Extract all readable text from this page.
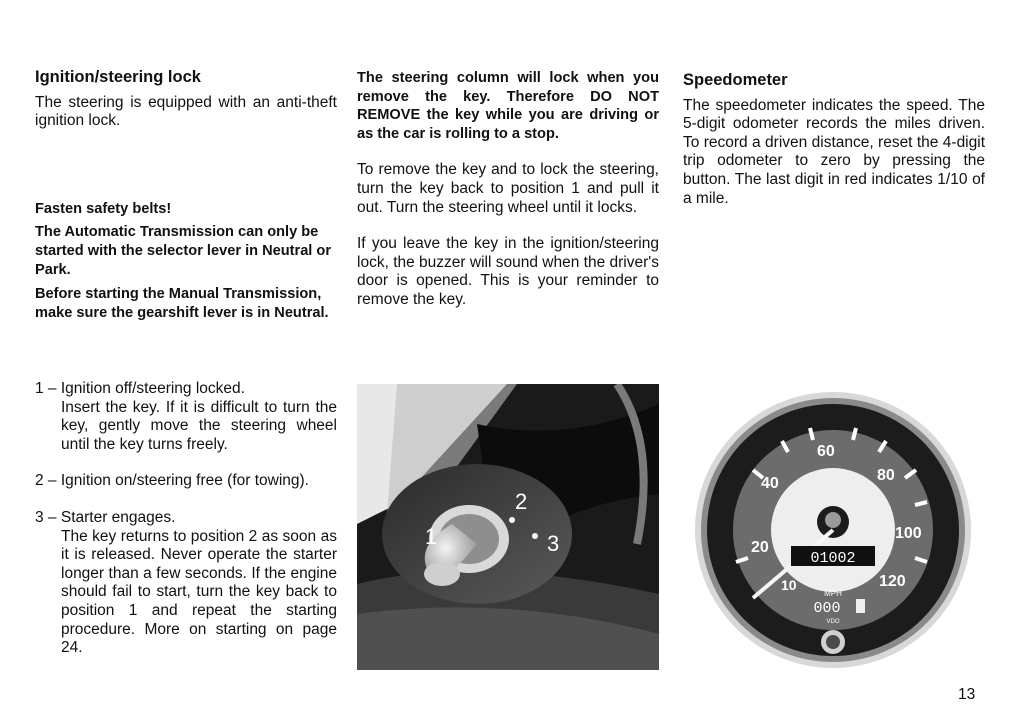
Ignition/steering lock

The steering is equipped with an anti-theft ignition lock.

Fasten safety belts!

The Automatic Transmission can only be started with the selector lever in Neutral or Park.

Before starting the Manual Transmission, make sure the gearshift lever is in Neutral.

The steering column will lock when you remove the key. Therefore DO NOT REMOVE the key while you are driving or as the car is rolling to a stop.

To remove the key and to lock the steering, turn the key back to position 1 and pull it out. Turn the steering wheel until it locks.

If you leave the key in the ignition/steering lock, the buzzer will sound when the driver's door is opened. This is your reminder to remove the key.

Speedometer

The speedometer indicates the speed. The 5-digit odometer records the miles driven. To record a driven distance, reset the 4-digit trip odometer to zero by pressing the button. The last digit in red indicates 1/10 of a mile.

1 – Ignition off/steering locked.

Insert the key. If it is difficult to turn the key, gently move the steering wheel until the key turns freely.

2 – Ignition on/steering free (for towing).

3 – Starter engages.

The key returns to position 2 as soon as it is released. Never operate the starter longer than a few seconds. If the engine should fail to start, turn the key back to position 1 and repeat the starting procedure. More on starting on page 24.

1
2
3
01002
10
20
40
60
80
100
120
MPH
000
VDO
13
